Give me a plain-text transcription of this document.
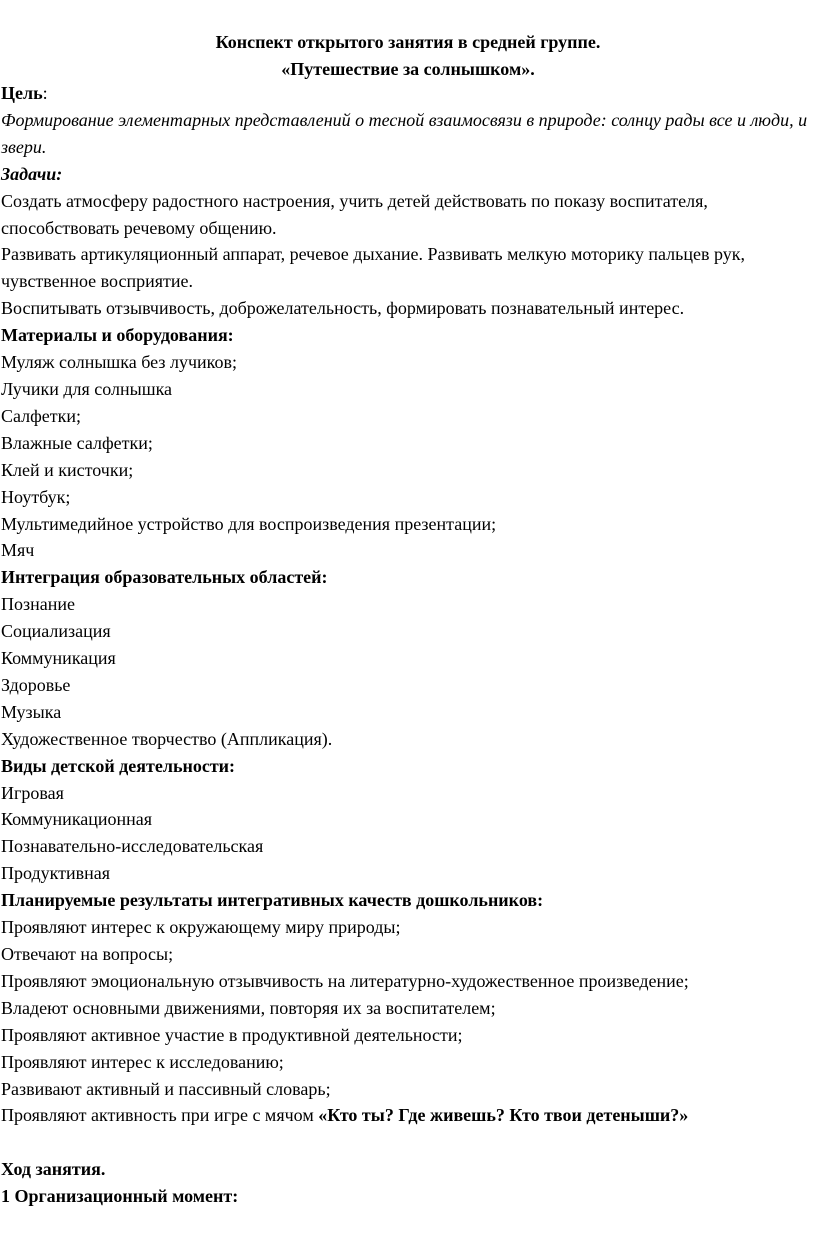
Конспект открытого занятия в средней группе.
«Путешествие за солнышком».
Цель:
Формирование элементарных представлений о тесной взаимосвязи в природе: солнцу рады все и люди, и звери.
Задачи:
Создать атмосферу радостного настроения, учить детей действовать по показу воспитателя, способствовать речевому общению.
Развивать артикуляционный аппарат, речевое дыхание. Развивать мелкую моторику пальцев рук, чувственное восприятие.
Воспитывать отзывчивость, доброжелательность, формировать познавательный интерес.
Материалы и оборудования:
Муляж солнышка без лучиков;
Лучики для солнышка
Салфетки;
Влажные салфетки;
Клей и кисточки;
Ноутбук;
Мультимедийное устройство для воспроизведения презентации;
Мяч
Интеграция образовательных областей:
Познание
Социализация
Коммуникация
Здоровье
Музыка
Художественное творчество (Аппликация).
Виды детской деятельности:
Игровая
Коммуникационная
Познавательно-исследовательская
Продуктивная
Планируемые результаты интегративных качеств дошкольников:
Проявляют интерес к окружающему миру природы;
Отвечают на вопросы;
Проявляют эмоциональную отзывчивость на литературно-художественное произведение;
Владеют основными движениями, повторяя их за воспитателем;
Проявляют активное участие в продуктивной деятельности;
Проявляют интерес к исследованию;
Развивают активный и пассивный словарь;
Проявляют активность при игре с мячом «Кто ты? Где живешь? Кто твои детеныши?»
Ход занятия.
1 Организационный момент:
